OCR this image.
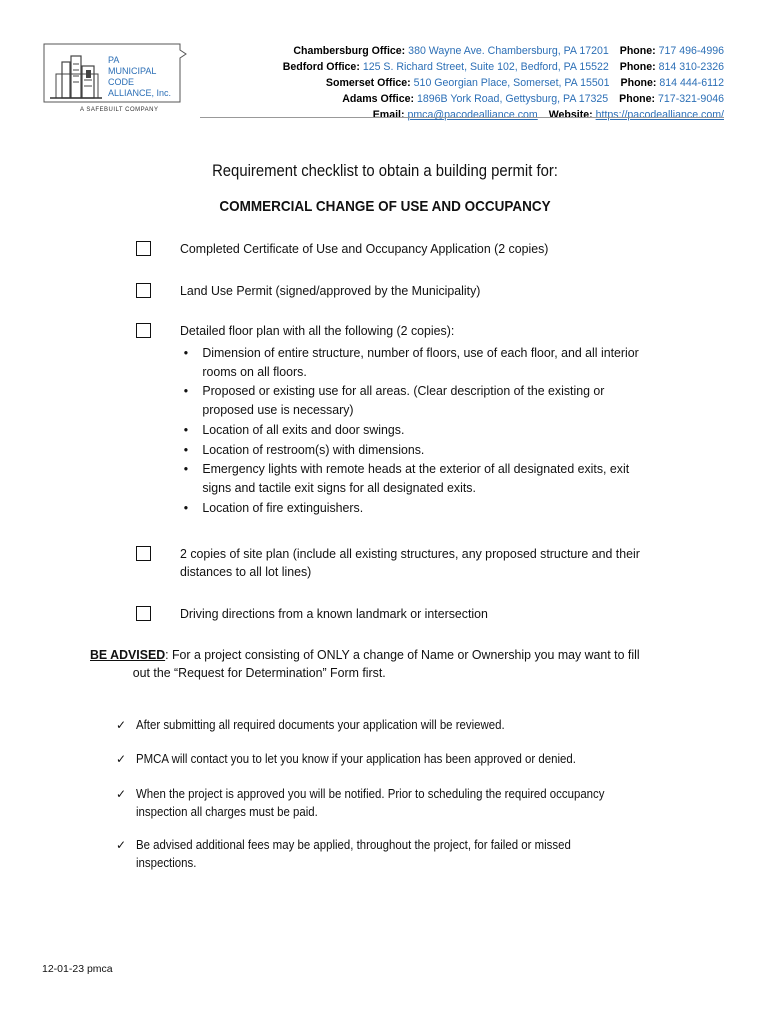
PA
MUNICIPAL
CODE
ALLIANCE, Inc.
A SAFEBUILT COMPANY
Chambersburg Office: 380 Wayne Ave. Chambersburg, PA 17201 Phone: 717 496-4996
Bedford Office: 125 S. Richard Street, Suite 102, Bedford, PA 15522 Phone: 814 310-2326
Somerset Office: 510 Georgian Place, Somerset, PA 15501 Phone: 814 444-6112
Adams Office: 1896B York Road, Gettysburg, PA 17325 Phone: 717-321-9046
Email: pmca@pacodealliance.com Website: https://pacodealliance.com/
Requirement checklist to obtain a building permit for:
COMMERCIAL CHANGE OF USE AND OCCUPANCY
Completed Certificate of Use and Occupancy Application (2 copies)
Land Use Permit (signed/approved by the Municipality)
Detailed floor plan with all the following (2 copies):
• Dimension of entire structure, number of floors, use of each floor, and all interior rooms on all floors.
• Proposed or existing use for all areas. (Clear description of the existing or proposed use is necessary)
• Location of all exits and door swings.
• Location of restroom(s) with dimensions.
• Emergency lights with remote heads at the exterior of all designated exits, exit signs and tactile exit signs for all designated exits.
• Location of fire extinguishers.
2 copies of site plan (include all existing structures, any proposed structure and their distances to all lot lines)
Driving directions from a known landmark or intersection
BE ADVISED: For a project consisting of ONLY a change of Name or Ownership you may want to fill
out the “Request for Determination” Form first.
✓ After submitting all required documents your application will be reviewed.
✓ PMCA will contact you to let you know if your application has been approved or denied.
✓ When the project is approved you will be notified. Prior to scheduling the required occupancy inspection all charges must be paid.
✓ Be advised additional fees may be applied, throughout the project, for failed or missed inspections.
12-01-23 pmca
